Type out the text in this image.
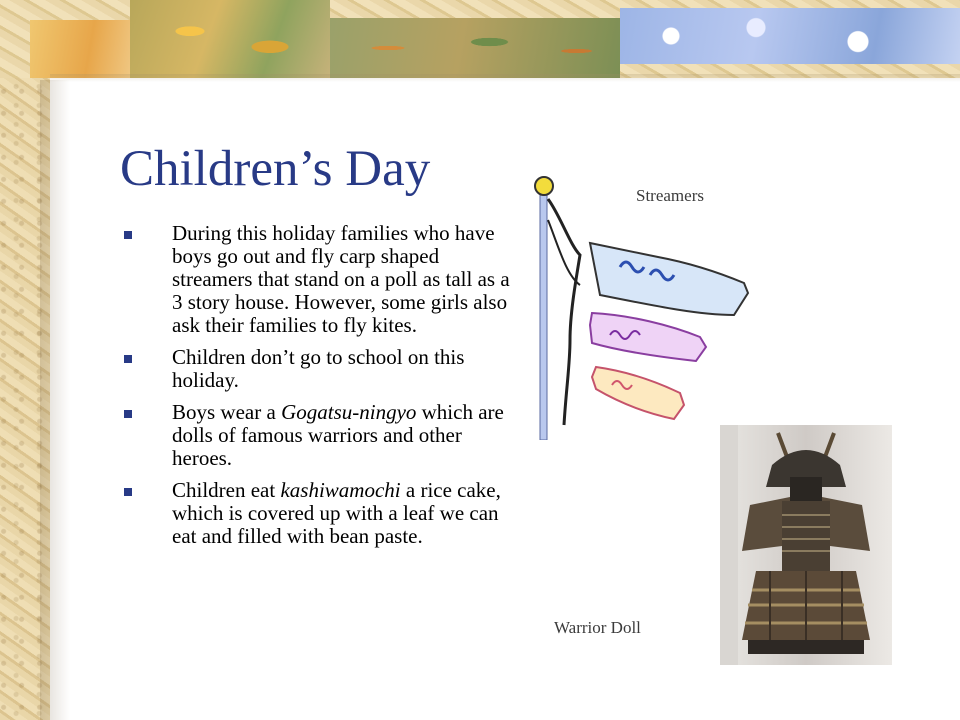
Children’s Day
During this holiday families who have boys go out and fly carp shaped streamers that stand on a poll as tall as a 3 story house. However, some girls also ask their families to fly kites.
Children don’t go to school on this holiday.
Boys wear a Gogatsu-ningyo which are dolls of famous warriors and other heroes.
Children eat kashiwamochi a rice cake, which is covered up with a leaf we can eat and filled with bean paste.
Streamers
Warrior Doll
